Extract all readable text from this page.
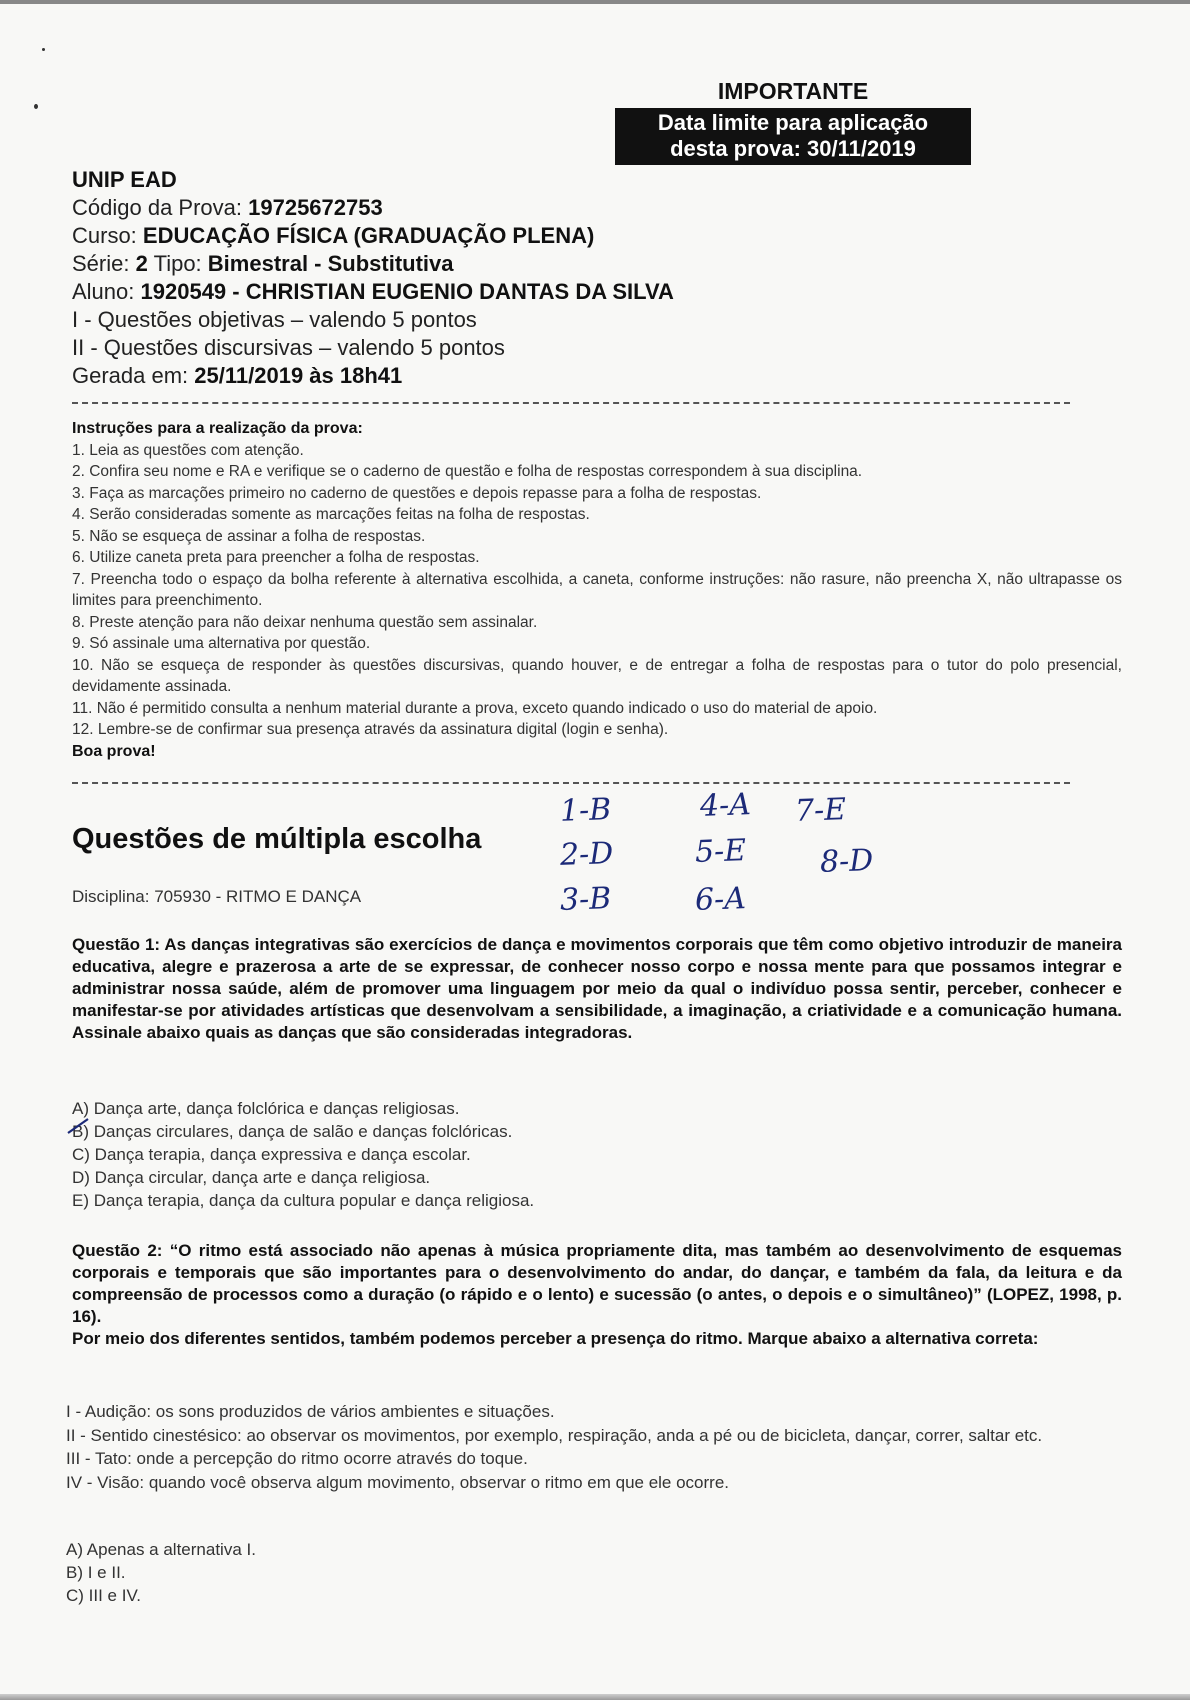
IMPORTANTE
Data limite para aplicação
desta prova: 30/11/2019
UNIP EAD
Código da Prova: 19725672753
Curso: EDUCAÇÃO FÍSICA (GRADUAÇÃO PLENA)
Série: 2 Tipo: Bimestral - Substitutiva
Aluno: 1920549 - CHRISTIAN EUGENIO DANTAS DA SILVA
I - Questões objetivas – valendo 5 pontos
II - Questões discursivas – valendo 5 pontos
Gerada em: 25/11/2019 às 18h41
Instruções para a realização da prova:
1. Leia as questões com atenção.
2. Confira seu nome e RA e verifique se o caderno de questão e folha de respostas correspondem à sua disciplina.
3. Faça as marcações primeiro no caderno de questões e depois repasse para a folha de respostas.
4. Serão consideradas somente as marcações feitas na folha de respostas.
5. Não se esqueça de assinar a folha de respostas.
6. Utilize caneta preta para preencher a folha de respostas.
7. Preencha todo o espaço da bolha referente à alternativa escolhida, a caneta, conforme instruções: não rasure, não preencha X, não ultrapasse os limites para preenchimento.
8. Preste atenção para não deixar nenhuma questão sem assinalar.
9. Só assinale uma alternativa por questão.
10. Não se esqueça de responder às questões discursivas, quando houver, e de entregar a folha de respostas para o tutor do polo presencial, devidamente assinada.
11. Não é permitido consulta a nenhum material durante a prova, exceto quando indicado o uso do material de apoio.
12. Lembre-se de confirmar sua presença através da assinatura digital (login e senha).
Boa prova!
Questões de múltipla escolha
Disciplina: 705930 - RITMO E DANÇA
1-B
2-D
3-B
4-A
5-E
6-A
7-E
8-D
Questão 1: As danças integrativas são exercícios de dança e movimentos corporais que têm como objetivo introduzir de maneira educativa, alegre e prazerosa a arte de se expressar, de conhecer nosso corpo e nossa mente para que possamos integrar e administrar nossa saúde, além de promover uma linguagem por meio da qual o indivíduo possa sentir, perceber, conhecer e manifestar-se por atividades artísticas que desenvolvam a sensibilidade, a imaginação, a criatividade e a comunicação humana. Assinale abaixo quais as danças que são consideradas integradoras.
A) Dança arte, dança folclórica e danças religiosas.
B) Danças circulares, dança de salão e danças folclóricas.
C) Dança terapia, dança expressiva e dança escolar.
D) Dança circular, dança arte e dança religiosa.
E) Dança terapia, dança da cultura popular e dança religiosa.
Questão 2: “O ritmo está associado não apenas à música propriamente dita, mas também ao desenvolvimento de esquemas corporais e temporais que são importantes para o desenvolvimento do andar, do dançar, e também da fala, da leitura e da compreensão de processos como a duração (o rápido e o lento) e sucessão (o antes, o depois e o simultâneo)” (LOPEZ, 1998, p. 16).
Por meio dos diferentes sentidos, também podemos perceber a presença do ritmo. Marque abaixo a alternativa correta:
I - Audição: os sons produzidos de vários ambientes e situações.
II - Sentido cinestésico: ao observar os movimentos, por exemplo, respiração, anda a pé ou de bicicleta, dançar, correr, saltar etc.
III - Tato: onde a percepção do ritmo ocorre através do toque.
IV - Visão: quando você observa algum movimento, observar o ritmo em que ele ocorre.
A) Apenas a alternativa I.
B) I e II.
C) III e IV.
